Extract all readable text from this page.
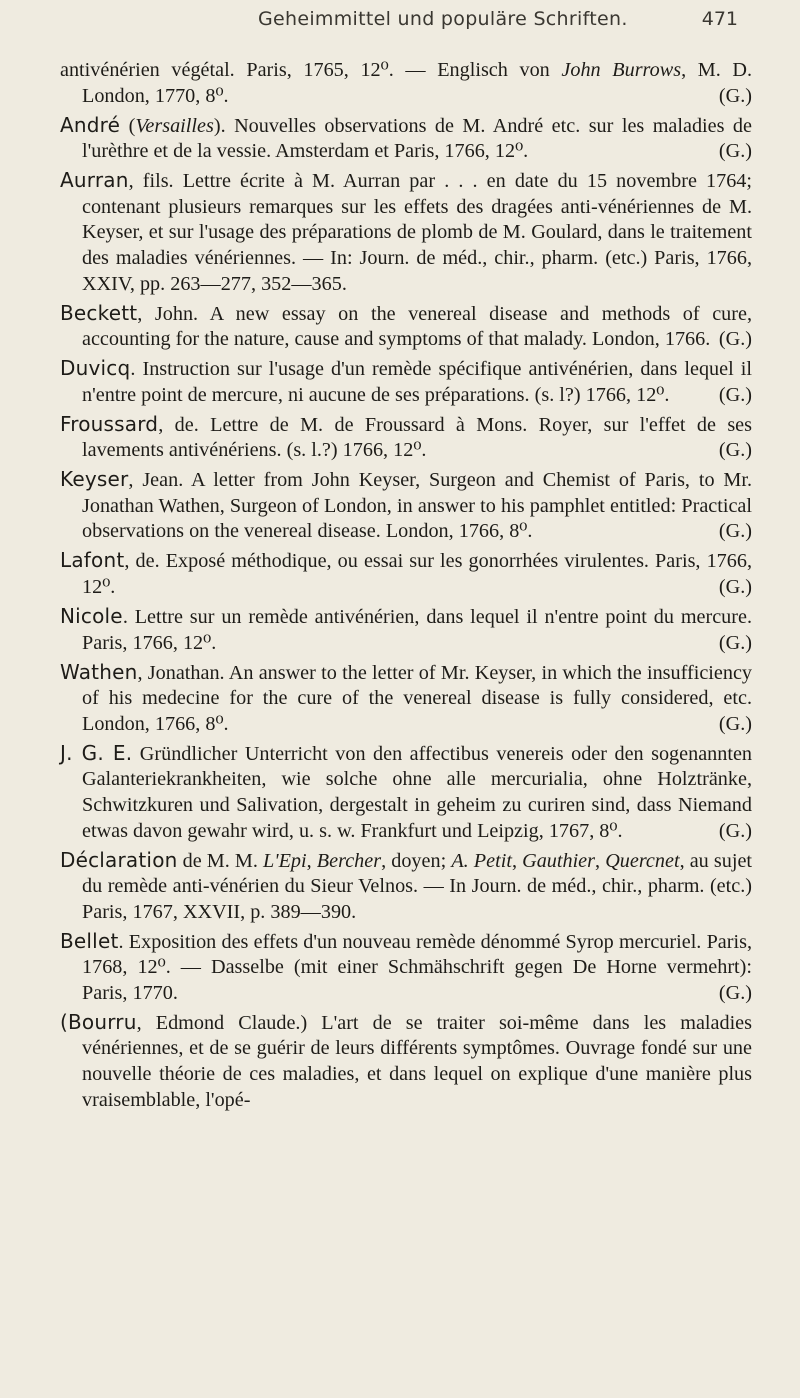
Geheimmittel und populäre Schriften.	471

antivénérien végétal. Paris, 1765, 12⁰. — Englisch von John Burrows, M. D. London, 1770, 8⁰.	(G.)

André (Versailles). Nouvelles observations de M. André etc. sur les maladies de l'urèthre et de la vessie. Amsterdam et Paris, 1766, 12⁰.	(G.)

Aurran, fils. Lettre écrite à M. Aurran par . . . en date du 15 novembre 1764; contenant plusieurs remarques sur les effets des dragées anti-vénériennes de M. Keyser, et sur l'usage des préparations de plomb de M. Goulard, dans le traitement des maladies vénériennes. — In: Journ. de méd., chir., pharm. (etc.) Paris, 1766, XXIV, pp. 263—277, 352—365.

Beckett, John. A new essay on the venereal disease and methods of cure, accounting for the nature, cause and symptoms of that malady. London, 1766. (G.)

Duvicq. Instruction sur l'usage d'un remède spécifique antivénérien, dans lequel il n'entre point de mercure, ni aucune de ses préparations. (s. l?) 1766, 12⁰. (G.)

Froussard, de. Lettre de M. de Froussard à Mons. Royer, sur l'effet de ses lavements antivénériens. (s. l.?) 1766, 12⁰.	(G.)

Keyser, Jean. A letter from John Keyser, Surgeon and Chemist of Paris, to Mr. Jonathan Wathen, Surgeon of London, in answer to his pamphlet entitled: Practical observations on the venereal disease. London, 1766, 8⁰.	(G.)

Lafont, de. Exposé méthodique, ou essai sur les gonorrhées virulentes. Paris, 1766, 12⁰.	(G.)

Nicole. Lettre sur un remède antivénérien, dans lequel il n'entre point du mercure. Paris, 1766, 12⁰.	(G.)

Wathen, Jonathan. An answer to the letter of Mr. Keyser, in which the insufficiency of his medecine for the cure of the venereal disease is fully considered, etc. London, 1766, 8⁰.	(G.)

J. G. E. Gründlicher Unterricht von den affectibus venereis oder den sogenannten Galanteriekrankheiten, wie solche ohne alle mercurialia, ohne Holztränke, Schwitzkuren und Salivation, dergestalt in geheim zu curiren sind, dass Niemand etwas davon gewahr wird, u. s. w. Frankfurt und Leipzig, 1767, 8⁰.	(G.)

Déclaration de M. M. L'Epi, Bercher, doyen; A. Petit, Gauthier, Quercnet, au sujet du remède anti-vénérien du Sieur Velnos. — In Journ. de méd., chir., pharm. (etc.) Paris, 1767, XXVII, p. 389—390.

Bellet. Exposition des effets d'un nouveau remède dénommé Syrop mercuriel. Paris, 1768, 12⁰. — Dasselbe (mit einer Schmähschrift gegen De Horne vermehrt): Paris, 1770.	(G.)

(Bourru, Edmond Claude.) L'art de se traiter soi-même dans les maladies vénériennes, et de se guérir de leurs différents symptômes. Ouvrage fondé sur une nouvelle théorie de ces maladies, et dans lequel on explique d'une manière plus vraisemblable, l'opé-
